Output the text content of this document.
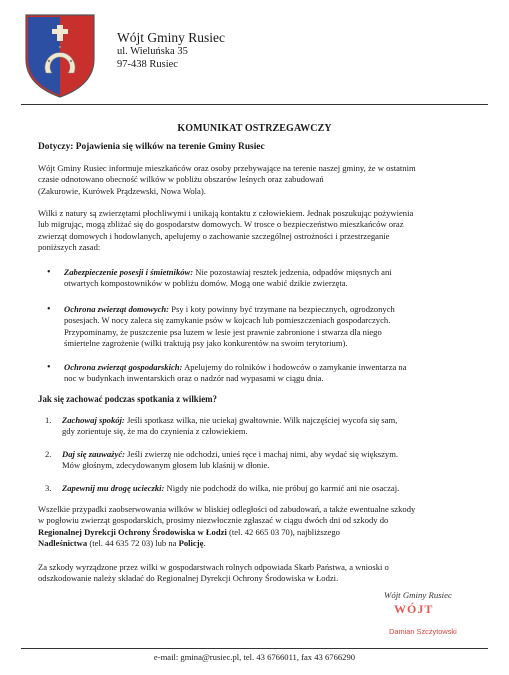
Wójt Gminy Rusiec
ul. Wieluńska 35
97-438 Rusiec
KOMUNIKAT OSTRZEGAWCZY
Dotyczy: Pojawienia się wilków na terenie Gminy Rusiec
Wójt Gminy Rusiec informuje mieszkańców oraz osoby przebywające na terenie naszej gminy, że w ostatnim
czasie odnotowano obecność wilków w pobliżu obszarów leśnych oraz zabudowań
(Zakurowie, Kurówek Prądzewski, Nowa Wola).
Wilki z natury są zwierzętami płochliwymi i unikają kontaktu z człowiekiem. Jednak poszukując pożywienia
lub migrując, mogą zbliżać się do gospodarstw domowych. W trosce o bezpieczeństwo mieszkańców oraz
zwierząt domowych i hodowlanych, apelujemy o zachowanie szczególnej ostrożności i przestrzeganie
poniższych zasad:
• Zabezpieczenie posesji i śmietników: Nie pozostawiaj resztek jedzenia, odpadów mięsnych ani
otwartych kompostowników w pobliżu domów. Mogą one wabić dzikie zwierzęta.
• Ochrona zwierząt domowych: Psy i koty powinny być trzymane na bezpiecznych, ogrodzonych
posesjach. W nocy zaleca się zamykanie psów w kojcach lub pomieszczeniach gospodarczych.
Przypominamy, że puszczenie psa luzem w lesie jest prawnie zabronione i stwarza dla niego
śmiertelne zagrożenie (wilki traktują psy jako konkurentów na swoim terytorium).
• Ochrona zwierząt gospodarskich: Apelujemy do rolników i hodowców o zamykanie inwentarza na
noc w budynkach inwentarskich oraz o nadzór nad wypasami w ciągu dnia.
Jak się zachować podczas spotkania z wilkiem?
1. Zachowaj spokój: Jeśli spotkasz wilka, nie uciekaj gwałtownie. Wilk najczęściej wycofa się sam,
gdy zorientuje się, że ma do czynienia z człowiekiem.
2. Daj się zauważyć: Jeśli zwierzę nie odchodzi, unieś ręce i machaj nimi, aby wydać się większym.
Mów głośnym, zdecydowanym głosem lub klaśnij w dłonie.
3. Zapewnij mu drogę ucieczki: Nigdy nie podchodź do wilka, nie próbuj go karmić ani nie osaczaj.
Wszelkie przypadki zaobserwowania wilków w bliskiej odległości od zabudowań, a także ewentualne szkody
w pogłowiu zwierząt gospodarskich, prosimy niezwłocznie zgłaszać w ciągu dwóch dni od szkody do
Regionalnej Dyrekcji Ochrony Środowiska w Łodzi (tel. 42 665 03 70), najbliższego
Nadleśnictwa (tel. 44 635 72 03) lub na Policję.
Za szkody wyrządzone przez wilki w gospodarstwach rolnych odpowiada Skarb Państwa, a wnioski o
odszkodowanie należy składać do Regionalnej Dyrekcji Ochrony Środowiska w Łodzi.
Wójt Gminy Rusiec
WÓJT
Damian Szczytowski
e-mail: gmina@rusiec.pl, tel. 43 6766011, fax 43 6766290
